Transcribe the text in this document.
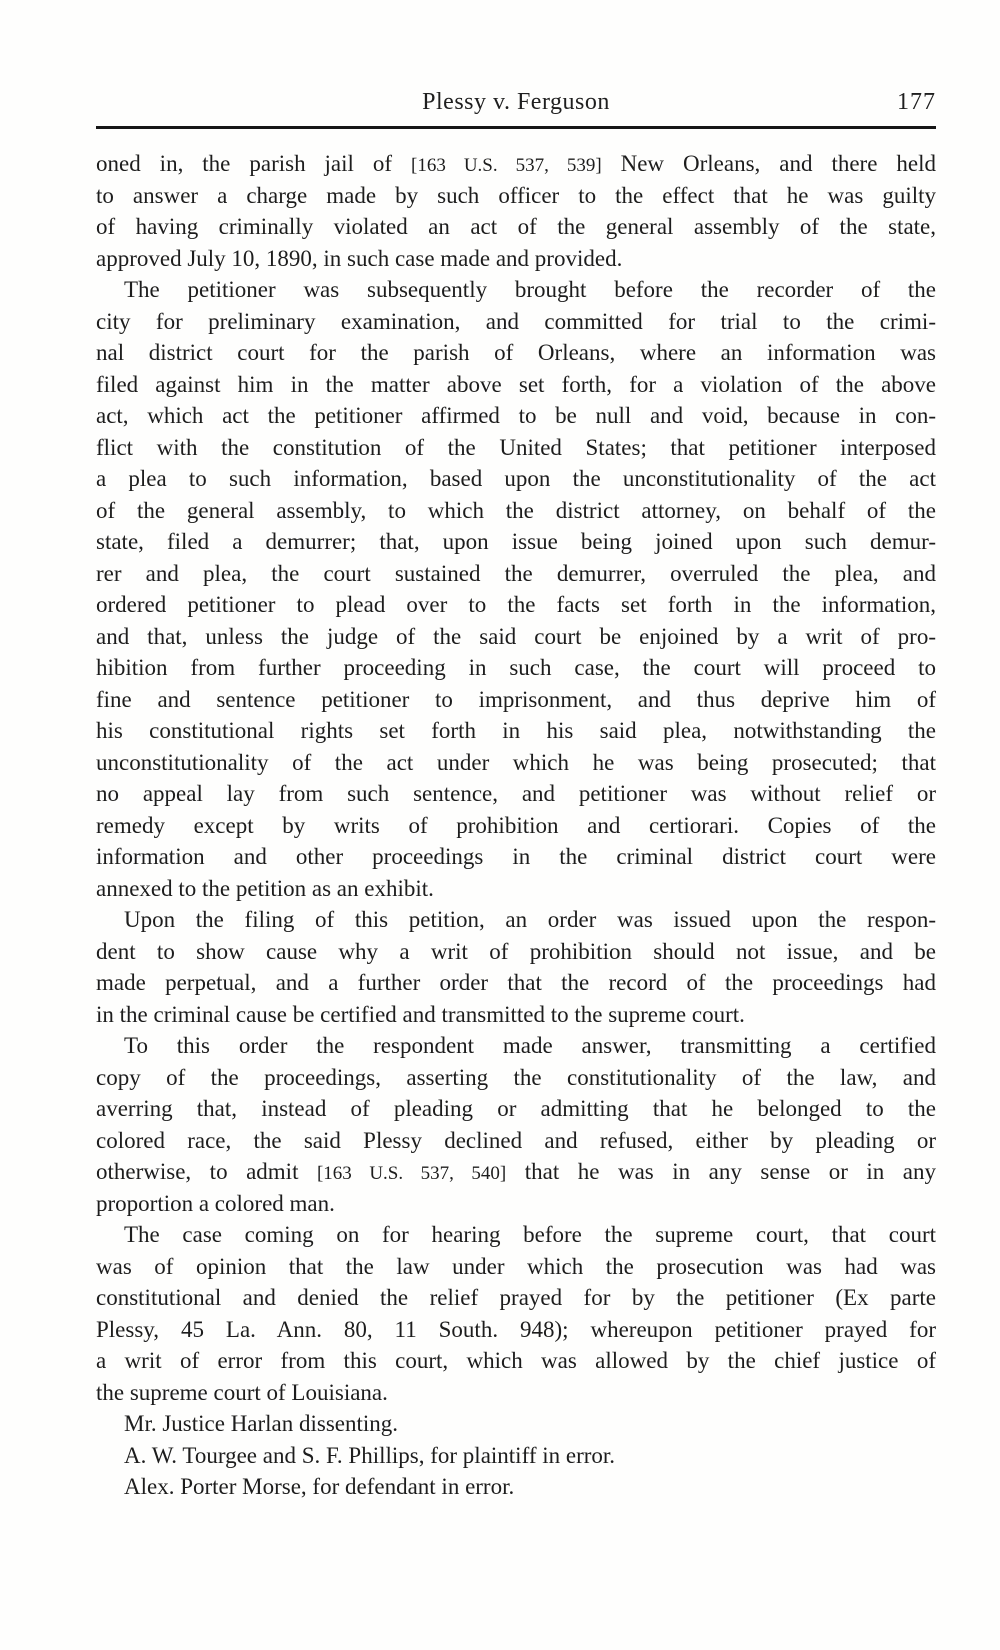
Plessy v. Ferguson	177
oned in, the parish jail of [163 U.S. 537, 539] New Orleans, and there held
to answer a charge made by such officer to the effect that he was guilty
of having criminally violated an act of the general assembly of the state,
approved July 10, 1890, in such case made and provided.
The petitioner was subsequently brought before the recorder of the
city for preliminary examination, and committed for trial to the crimi-
nal district court for the parish of Orleans, where an information was
filed against him in the matter above set forth, for a violation of the above
act, which act the petitioner affirmed to be null and void, because in con-
flict with the constitution of the United States; that petitioner interposed
a plea to such information, based upon the unconstitutionality of the act
of the general assembly, to which the district attorney, on behalf of the
state, filed a demurrer; that, upon issue being joined upon such demur-
rer and plea, the court sustained the demurrer, overruled the plea, and
ordered petitioner to plead over to the facts set forth in the information,
and that, unless the judge of the said court be enjoined by a writ of pro-
hibition from further proceeding in such case, the court will proceed to
fine and sentence petitioner to imprisonment, and thus deprive him of
his constitutional rights set forth in his said plea, notwithstanding the
unconstitutionality of the act under which he was being prosecuted; that
no appeal lay from such sentence, and petitioner was without relief or
remedy except by writs of prohibition and certiorari. Copies of the
information and other proceedings in the criminal district court were
annexed to the petition as an exhibit.
Upon the filing of this petition, an order was issued upon the respon-
dent to show cause why a writ of prohibition should not issue, and be
made perpetual, and a further order that the record of the proceedings had
in the criminal cause be certified and transmitted to the supreme court.
To this order the respondent made answer, transmitting a certified
copy of the proceedings, asserting the constitutionality of the law, and
averring that, instead of pleading or admitting that he belonged to the
colored race, the said Plessy declined and refused, either by pleading or
otherwise, to admit [163 U.S. 537, 540] that he was in any sense or in any
proportion a colored man.
The case coming on for hearing before the supreme court, that court
was of opinion that the law under which the prosecution was had was
constitutional and denied the relief prayed for by the petitioner (Ex parte
Plessy, 45 La. Ann. 80, 11 South. 948); whereupon petitioner prayed for
a writ of error from this court, which was allowed by the chief justice of
the supreme court of Louisiana.
Mr. Justice Harlan dissenting.
A. W. Tourgee and S. F. Phillips, for plaintiff in error.
Alex. Porter Morse, for defendant in error.
